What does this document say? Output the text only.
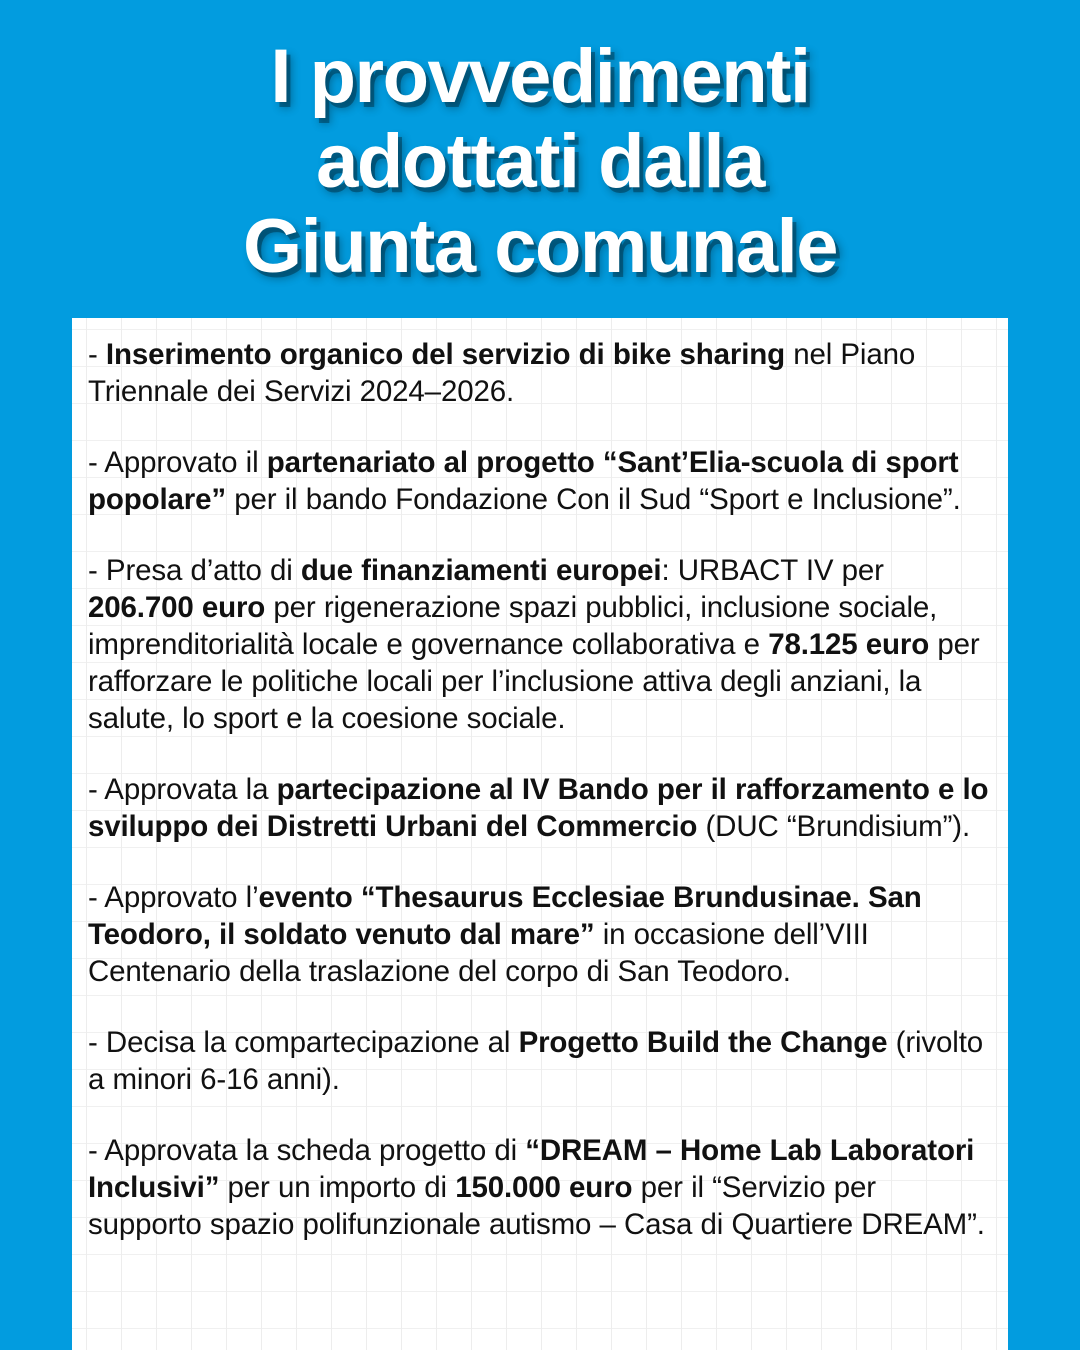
I provvedimenti
adottati dalla
Giunta comunale

- Inserimento organico del servizio di bike sharing nel Piano Triennale dei Servizi 2024–2026.

- Approvato il partenariato al progetto “Sant’Elia-scuola di sport popolare” per il bando Fondazione Con il Sud “Sport e Inclusione”.

- Presa d’atto di due finanziamenti europei: URBACT IV per 206.700 euro per rigenerazione spazi pubblici, inclusione sociale, imprenditorialità locale e governance collaborativa e 78.125 euro per rafforzare le politiche locali per l’inclusione attiva degli anziani, la salute, lo sport e la coesione sociale.

- Approvata la partecipazione al IV Bando per il rafforzamento e lo sviluppo dei Distretti Urbani del Commercio (DUC “Brundisium”).

- Approvato l’evento “Thesaurus Ecclesiae Brundusinae. San Teodoro, il soldato venuto dal mare” in occasione dell’VIII Centenario della traslazione del corpo di San Teodoro.

- Decisa la compartecipazione al Progetto Build the Change (rivolto a minori 6-16 anni).

- Approvata la scheda progetto di “DREAM – Home Lab Laboratori Inclusivi” per un importo di 150.000 euro per il “Servizio per supporto spazio polifunzionale autismo – Casa di Quartiere DREAM”.
